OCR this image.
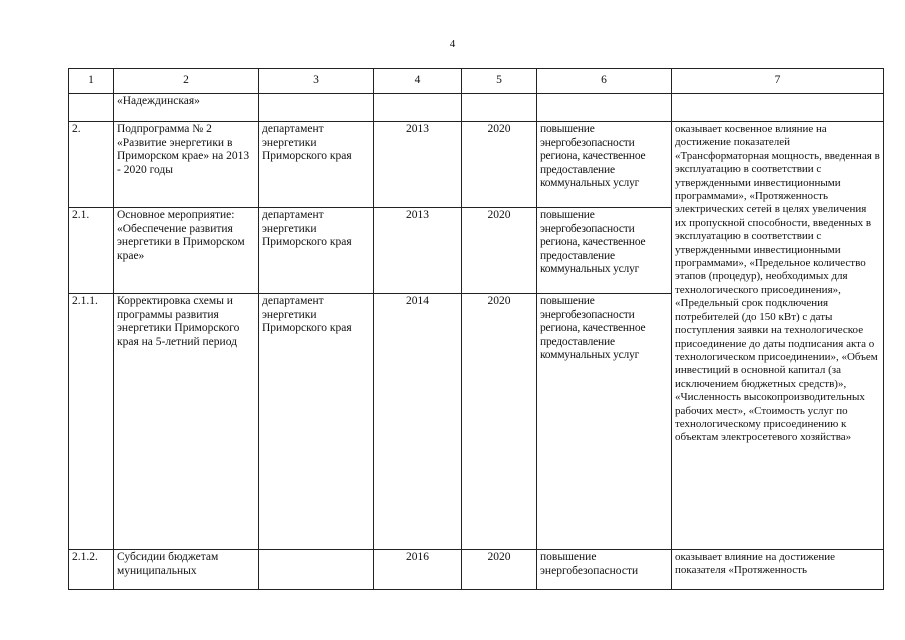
4
1	2	3	4	5	6	7
	«Надеждинская»					
2.	Подпрограмма № 2 «Развитие энергетики в Приморском крае» на 2013 - 2020 годы	департамент энергетики Приморского края	2013	2020	повышение энергобезопасности региона, качественное предоставление коммунальных услуг	оказывает косвенное влияние на достижение показателей «Трансформаторная мощность, введенная в эксплуатацию в соответствии с утвержденными инвестиционными программами», «Протяженность электрических сетей в целях увеличения их пропускной способности, введенных в эксплуатацию в соответствии с утвержденными инвестиционными программами», «Предельное количество этапов (процедур), необходимых для технологического присоединения», «Предельный срок подключения потребителей (до 150 кВт) с даты поступления заявки на технологическое присоединение до даты подписания акта о технологическом присоединении», «Объем инвестиций в основной капитал (за исключением бюджетных средств)», «Численность высокопроизводительных рабочих мест», «Стоимость услуг по технологическому присоединению к объектам электросетевого хозяйства»
2.1.	Основное мероприятие: «Обеспечение развития энергетики в Приморском крае»	департамент энергетики Приморского края	2013	2020	повышение энергобезопасности региона, качественное предоставление коммунальных услуг	
2.1.1.	Корректировка схемы и программы развития энергетики Приморского края на 5-летний период	департамент энергетики Приморского края	2014	2020	повышение энергобезопасности региона, качественное предоставление коммунальных услуг	
2.1.2.	Субсидии бюджетам муниципальных		2016	2020	повышение энергобезопасности	оказывает влияние на достижение показателя «Протяженность
